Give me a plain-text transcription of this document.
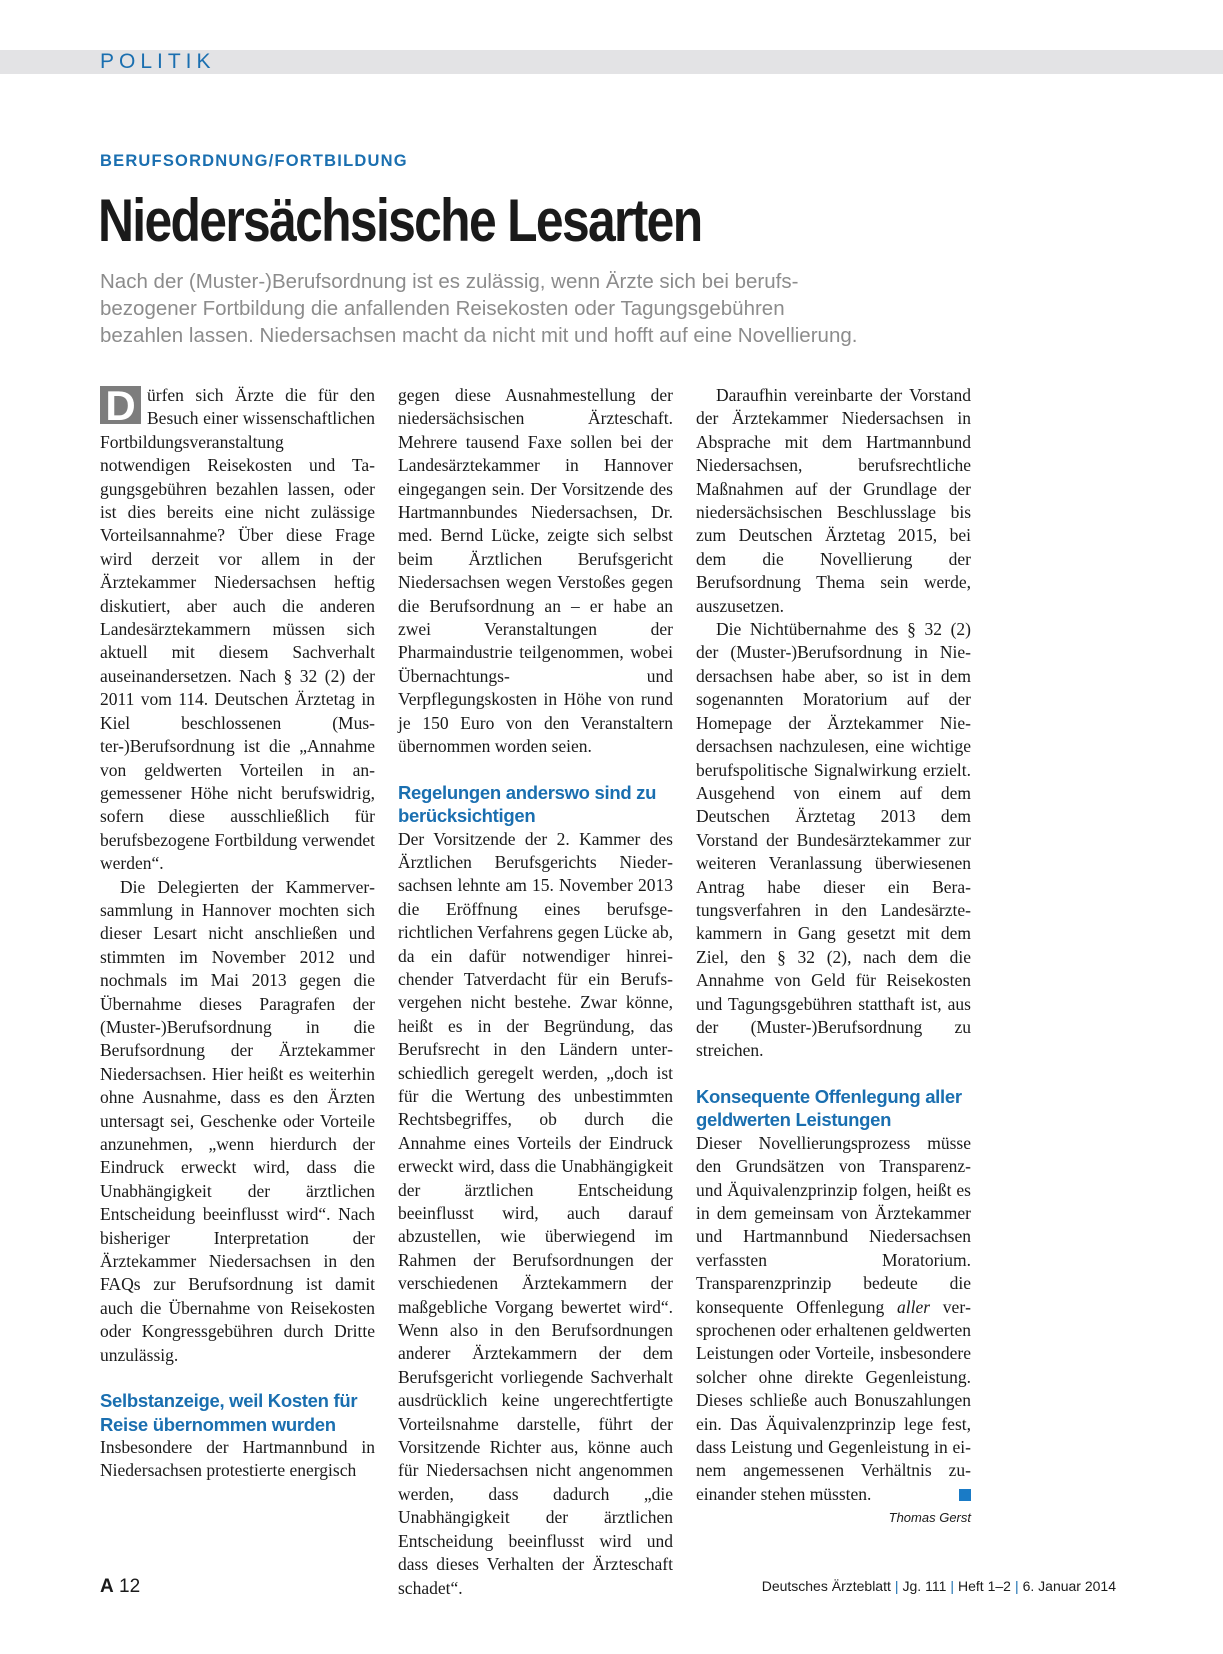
POLITIK
BERUFSORDNUNG/FORTBILDUNG
Niedersächsische Lesarten
Nach der (Muster-)Berufsordnung ist es zulässig, wenn Ärzte sich bei berufs-
bezogener Fortbildung die anfallenden Reisekosten oder Tagungsgebühren
bezahlen lassen. Niedersachsen macht da nicht mit und hofft auf eine Novellierung.

D ürfen sich Ärzte die für den Besuch einer wissenschaftlichen Fortbildungsveranstaltung notwendigen Reisekosten und Tagungsgebühren bezahlen lassen, oder ist dies bereits eine nicht zulässige Vorteilsannahme? Über diese Frage wird derzeit vor allem in der Ärztekammer Niedersachsen heftig diskutiert, aber auch die anderen Landesärztekammern müssen sich aktuell mit diesem Sachverhalt auseinandersetzen. Nach § 32 (2) der 2011 vom 114. Deutschen Ärztetag in Kiel beschlossenen (Muster-)Berufsordnung ist die „Annahme von geldwerten Vorteilen in angemessener Höhe nicht berufswidrig, sofern diese ausschließlich für berufsbezogene Fortbildung verwendet werden“.

Die Delegierten der Kammerversammlung in Hannover mochten sich dieser Lesart nicht anschließen und stimmten im November 2012 und nochmals im Mai 2013 gegen die Übernahme dieses Paragrafen der (Muster-)Berufsordnung in die Berufsordnung der Ärztekammer Niedersachsen. Hier heißt es weiterhin ohne Ausnahme, dass es den Ärzten untersagt sei, Geschenke oder Vorteile anzunehmen, „wenn hierdurch der Eindruck erweckt wird, dass die Unabhängigkeit der ärztlichen Entscheidung beeinflusst wird“. Nach bisheriger Interpretation der Ärztekammer Niedersachsen in den FAQs zur Berufsordnung ist damit auch die Übernahme von Reisekosten oder Kongressgebühren durch Dritte unzulässig.

Selbstanzeige, weil Kosten für Reise übernommen wurden

Insbesondere der Hartmannbund in Niedersachsen protestierte energisch

gegen diese Ausnahmestellung der niedersächsischen Ärzteschaft. Mehrere tausend Faxe sollen bei der Landesärztekammer in Hannover eingegangen sein. Der Vorsitzende des Hartmannbundes Niedersachsen, Dr. med. Bernd Lücke, zeigte sich selbst beim Ärztlichen Berufsgericht Niedersachsen wegen Verstoßes gegen die Berufsordnung an – er habe an zwei Veranstaltungen der Pharmaindustrie teilgenommen, wobei Übernachtungs- und Verpflegungskosten in Höhe von rund je 150 Euro von den Veranstaltern übernommen worden seien.

Regelungen anderswo sind zu berücksichtigen

Der Vorsitzende der 2. Kammer des Ärztlichen Berufsgerichts Niedersachsen lehnte am 15. November 2013 die Eröffnung eines berufsgerichtlichen Verfahrens gegen Lücke ab, da ein dafür notwendiger hinreichender Tatverdacht für ein Berufsvergehen nicht bestehe. Zwar könne, heißt es in der Begründung, das Berufsrecht in den Ländern unterschiedlich geregelt werden, „doch ist für die Wertung des unbestimmten Rechtsbegriffes, ob durch die Annahme eines Vorteils der Eindruck erweckt wird, dass die Unabhängigkeit der ärztlichen Entscheidung beeinflusst wird, auch darauf abzustellen, wie überwiegend im Rahmen der Berufsordnungen der verschiedenen Ärztekammern der maßgebliche Vorgang bewertet wird“. Wenn also in den Berufsordnungen anderer Ärztekammern der dem Berufsgericht vorliegende Sachverhalt ausdrücklich keine ungerechtfertigte Vorteilsnahme darstelle, führt der Vorsitzende Richter aus, könne auch für Niedersachsen nicht angenommen werden, dass dadurch „die Unabhängigkeit der ärztlichen Entscheidung beeinflusst wird und dass dieses Verhalten der Ärzteschaft schadet“.

Daraufhin vereinbarte der Vorstand der Ärztekammer Niedersachsen in Absprache mit dem Hartmannbund Niedersachsen, berufsrechtliche Maßnahmen auf der Grundlage der niedersächsischen Beschlusslage bis zum Deutschen Ärztetag 2015, bei dem die Novellierung der Berufsordnung Thema sein werde, auszusetzen.

Die Nichtübernahme des § 32 (2) der (Muster-)Berufsordnung in Niedersachsen habe aber, so ist in dem sogenannten Moratorium auf der Homepage der Ärztekammer Niedersachsen nachzulesen, eine wichtige berufspolitische Signalwirkung erzielt. Ausgehend von einem auf dem Deutschen Ärztetag 2013 dem Vorstand der Bundesärztekammer zur weiteren Veranlassung überwiesenen Antrag habe dieser ein Beratungsverfahren in den Landesärztekammern in Gang gesetzt mit dem Ziel, den § 32 (2), nach dem die Annahme von Geld für Reisekosten und Tagungsgebühren statthaft ist, aus der (Muster-)Berufsordnung zu streichen.

Konsequente Offenlegung aller geldwerten Leistungen

Dieser Novellierungsprozess müsse den Grundsätzen von Transparenz- und Äquivalenzprinzip folgen, heißt es in dem gemeinsam von Ärztekammer und Hartmannbund Niedersachsen verfassten Moratorium. Transparenzprinzip bedeute die konsequente Offenlegung aller versprochenen oder erhaltenen geldwerten Leistungen oder Vorteile, insbesondere solcher ohne direkte Gegenleistung. Dieses schließe auch Bonuszahlungen ein. Das Äquivalenzprinzip lege fest, dass Leistung und Gegenleistung in einem angemessenen Verhältnis zueinander stehen müssten.

Thomas Gerst
A 12	Deutsches Ärzteblatt | Jg. 111 | Heft 1–2 | 6. Januar 2014
